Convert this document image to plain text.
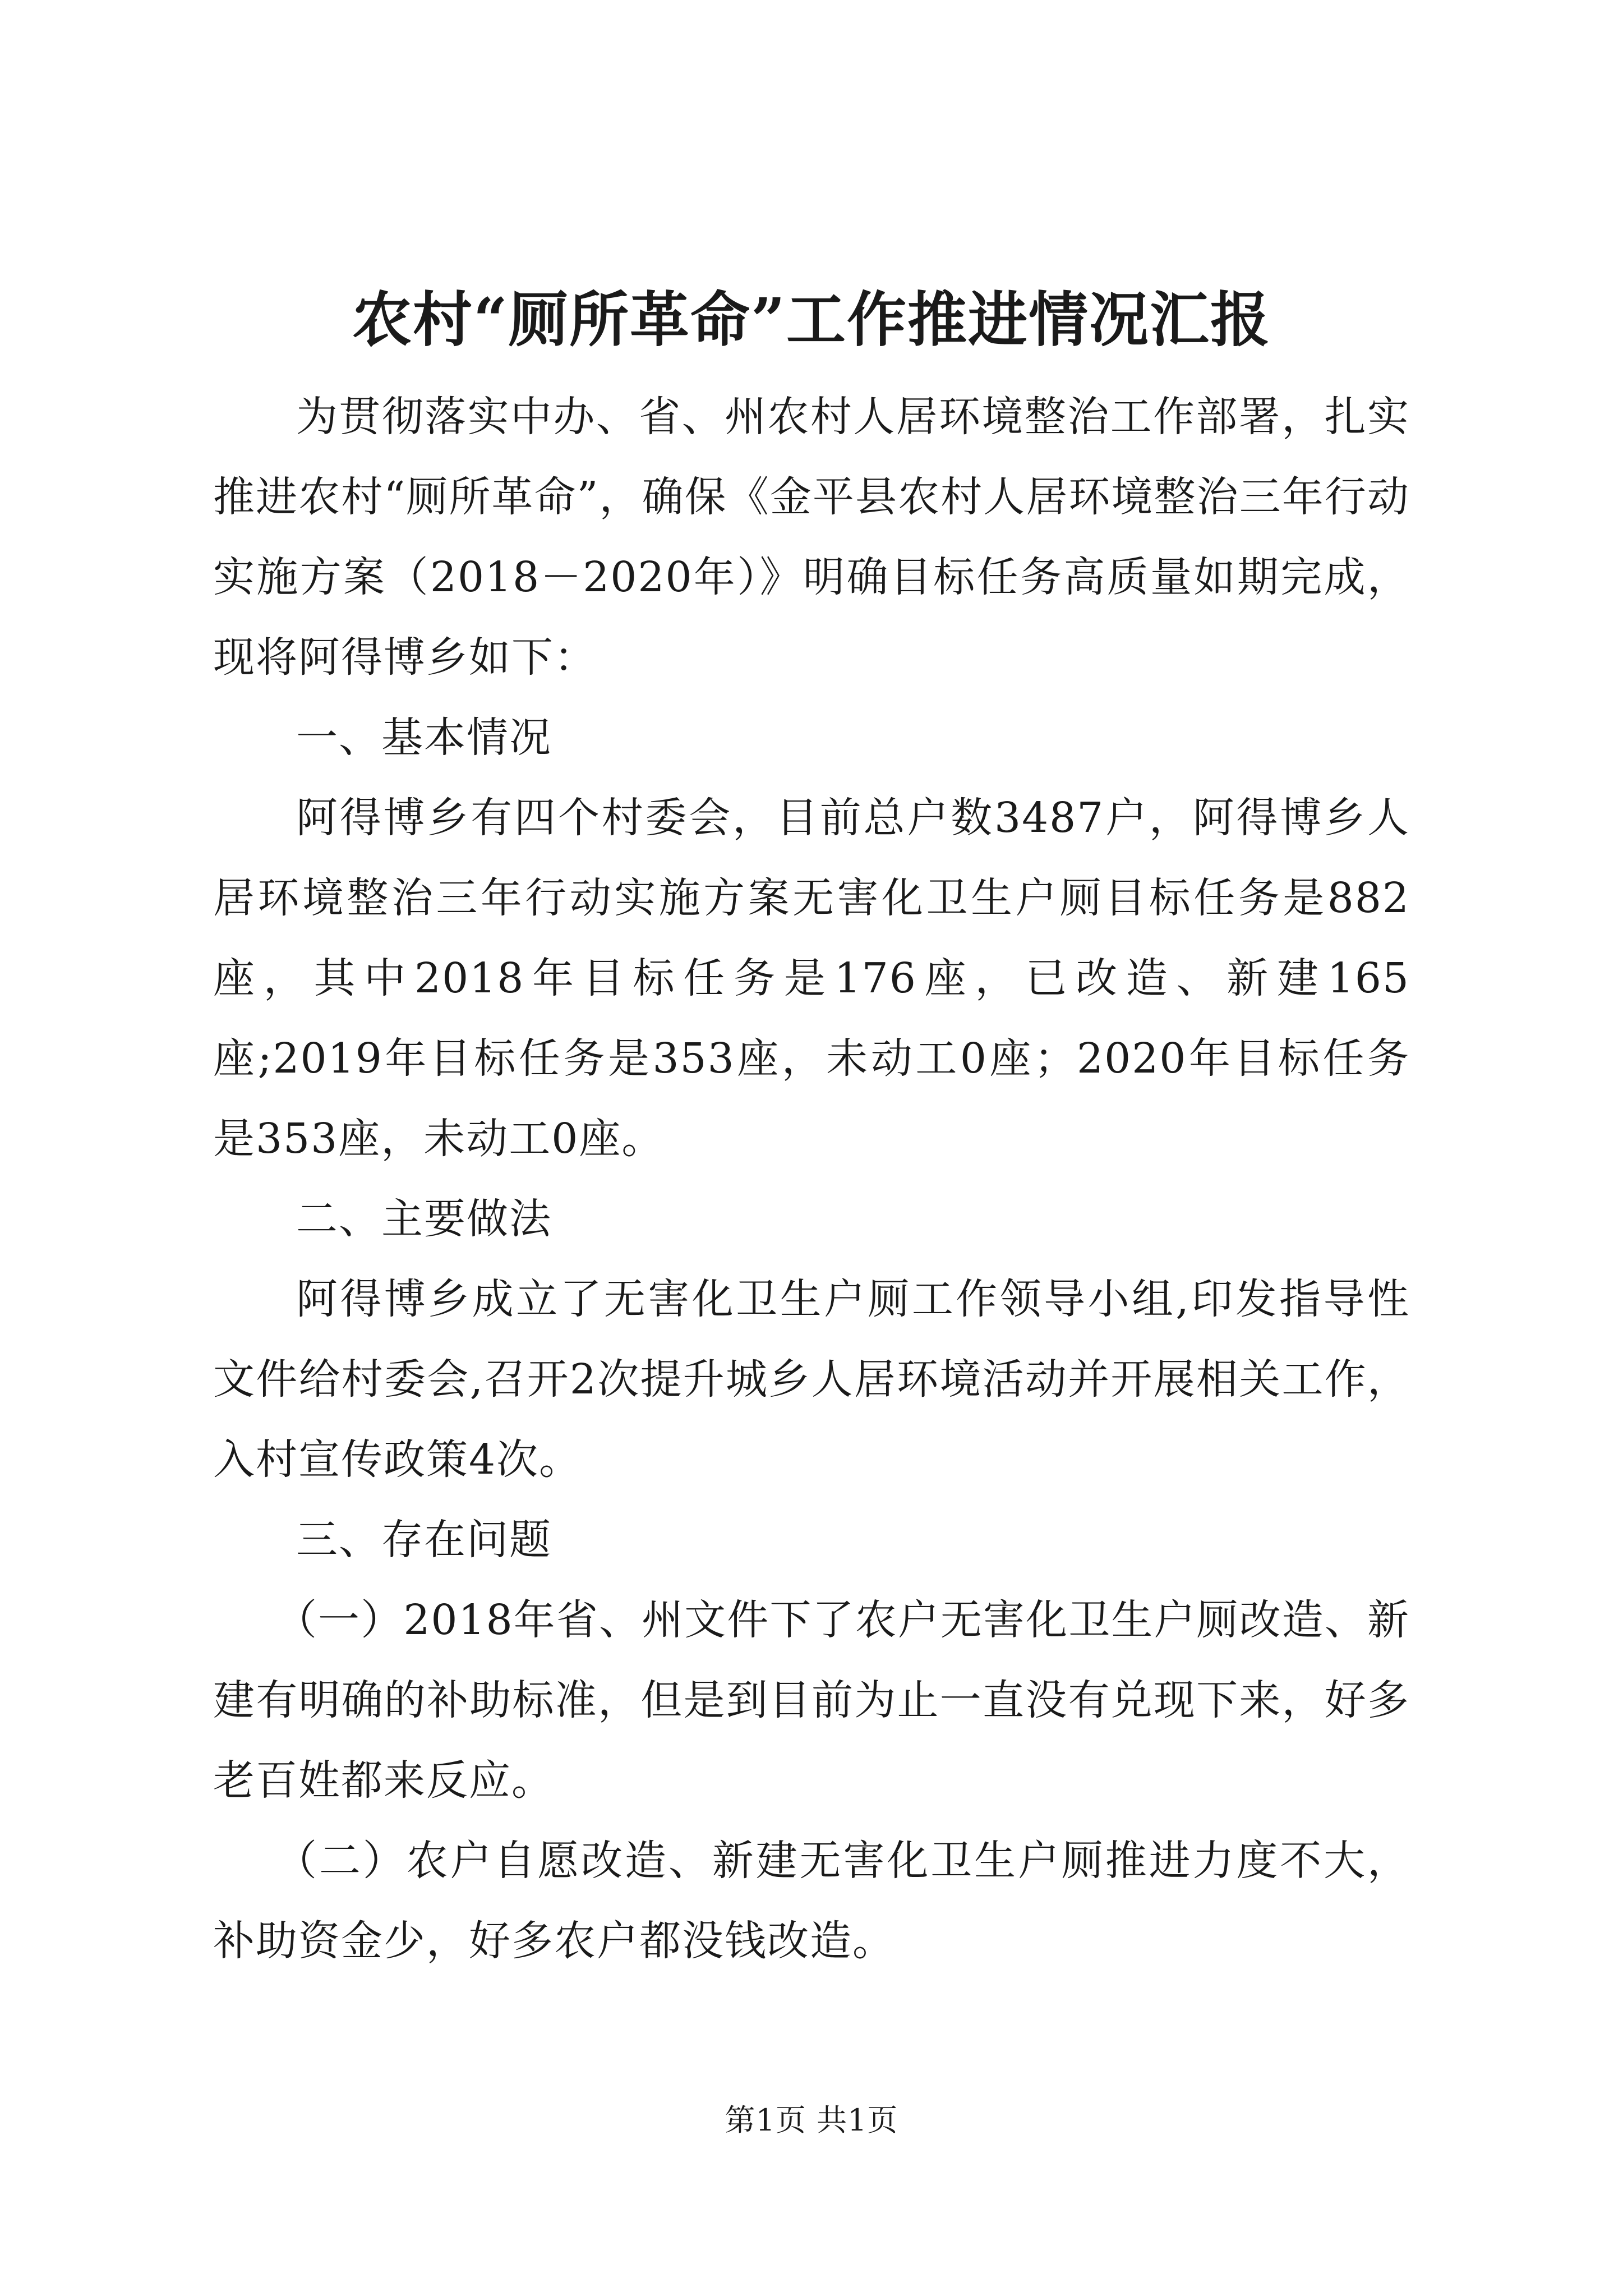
农村“厕所革命”工作推进情况汇报

为贯彻落实中办、省、州农村人居环境整治工作部署，扎实推进农村“厕所革命”，确保《金平县农村人居环境整治三年行动实施方案（2018－2020年）》明确目标任务高质量如期完成，现将阿得博乡如下：

一、基本情况

阿得博乡有四个村委会，目前总户数3487户，阿得博乡人居环境整治三年行动实施方案无害化卫生户厕目标任务是882座，其中2018年目标任务是176座，已改造、新建165座;2019年目标任务是353座，未动工0座；2020年目标任务是353座，未动工0座。

二、主要做法

阿得博乡成立了无害化卫生户厕工作领导小组,印发指导性文件给村委会,召开2次提升城乡人居环境活动并开展相关工作，入村宣传政策4次。

三、存在问题

（一）2018年省、州文件下了农户无害化卫生户厕改造、新建有明确的补助标准，但是到目前为止一直没有兑现下来，好多老百姓都来反应。

（二）农户自愿改造、新建无害化卫生户厕推进力度不大，补助资金少，好多农户都没钱改造。

第1页 共1页
